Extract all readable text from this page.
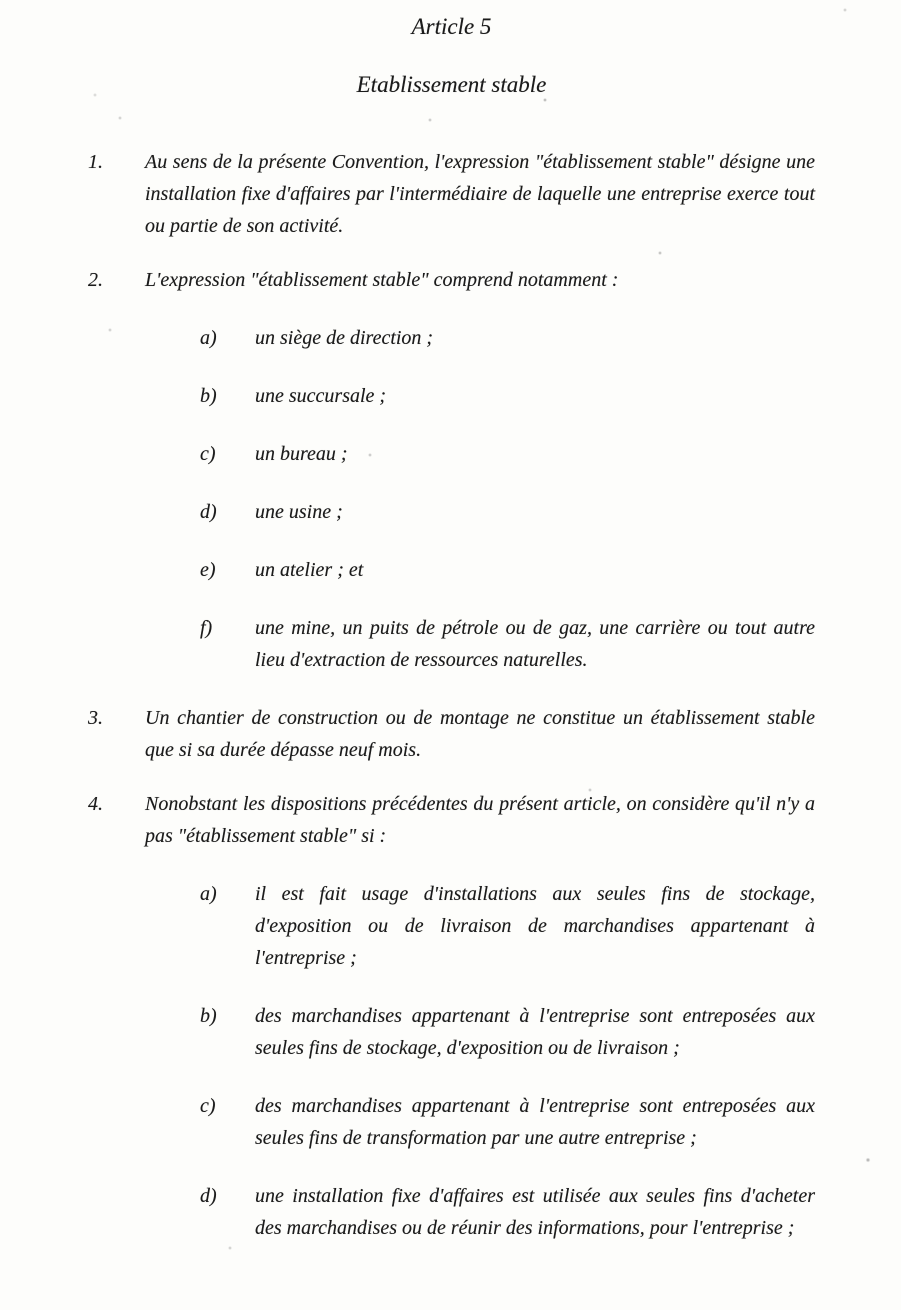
Article 5
Etablissement stable
1.	Au sens de la présente Convention, l'expression "établissement stable" désigne une installation fixe d'affaires par l'intermédiaire de laquelle une entreprise exerce tout ou partie de son activité.
2.	L'expression "établissement stable" comprend notamment :
a)	un siège de direction ;
b)	une succursale ;
c)	un bureau ;
d)	une usine ;
e)	un atelier ; et
f)	une mine, un puits de pétrole ou de gaz, une carrière ou tout autre lieu d'extraction de ressources naturelles.
3.	Un chantier de construction ou de montage ne constitue un établissement stable que si sa durée dépasse neuf mois.
4.	Nonobstant les dispositions précédentes du présent article, on considère qu'il n'y a pas "établissement stable" si :
a)	il est fait usage d'installations aux seules fins de stockage, d'exposition ou de livraison de marchandises appartenant à l'entreprise ;
b)	des marchandises appartenant à l'entreprise sont entreposées aux seules fins de stockage, d'exposition ou de livraison ;
c)	des marchandises appartenant à l'entreprise sont entreposées aux seules fins de transformation par une autre entreprise ;
d)	une installation fixe d'affaires est utilisée aux seules fins d'acheter des marchandises ou de réunir des informations, pour l'entreprise ;
